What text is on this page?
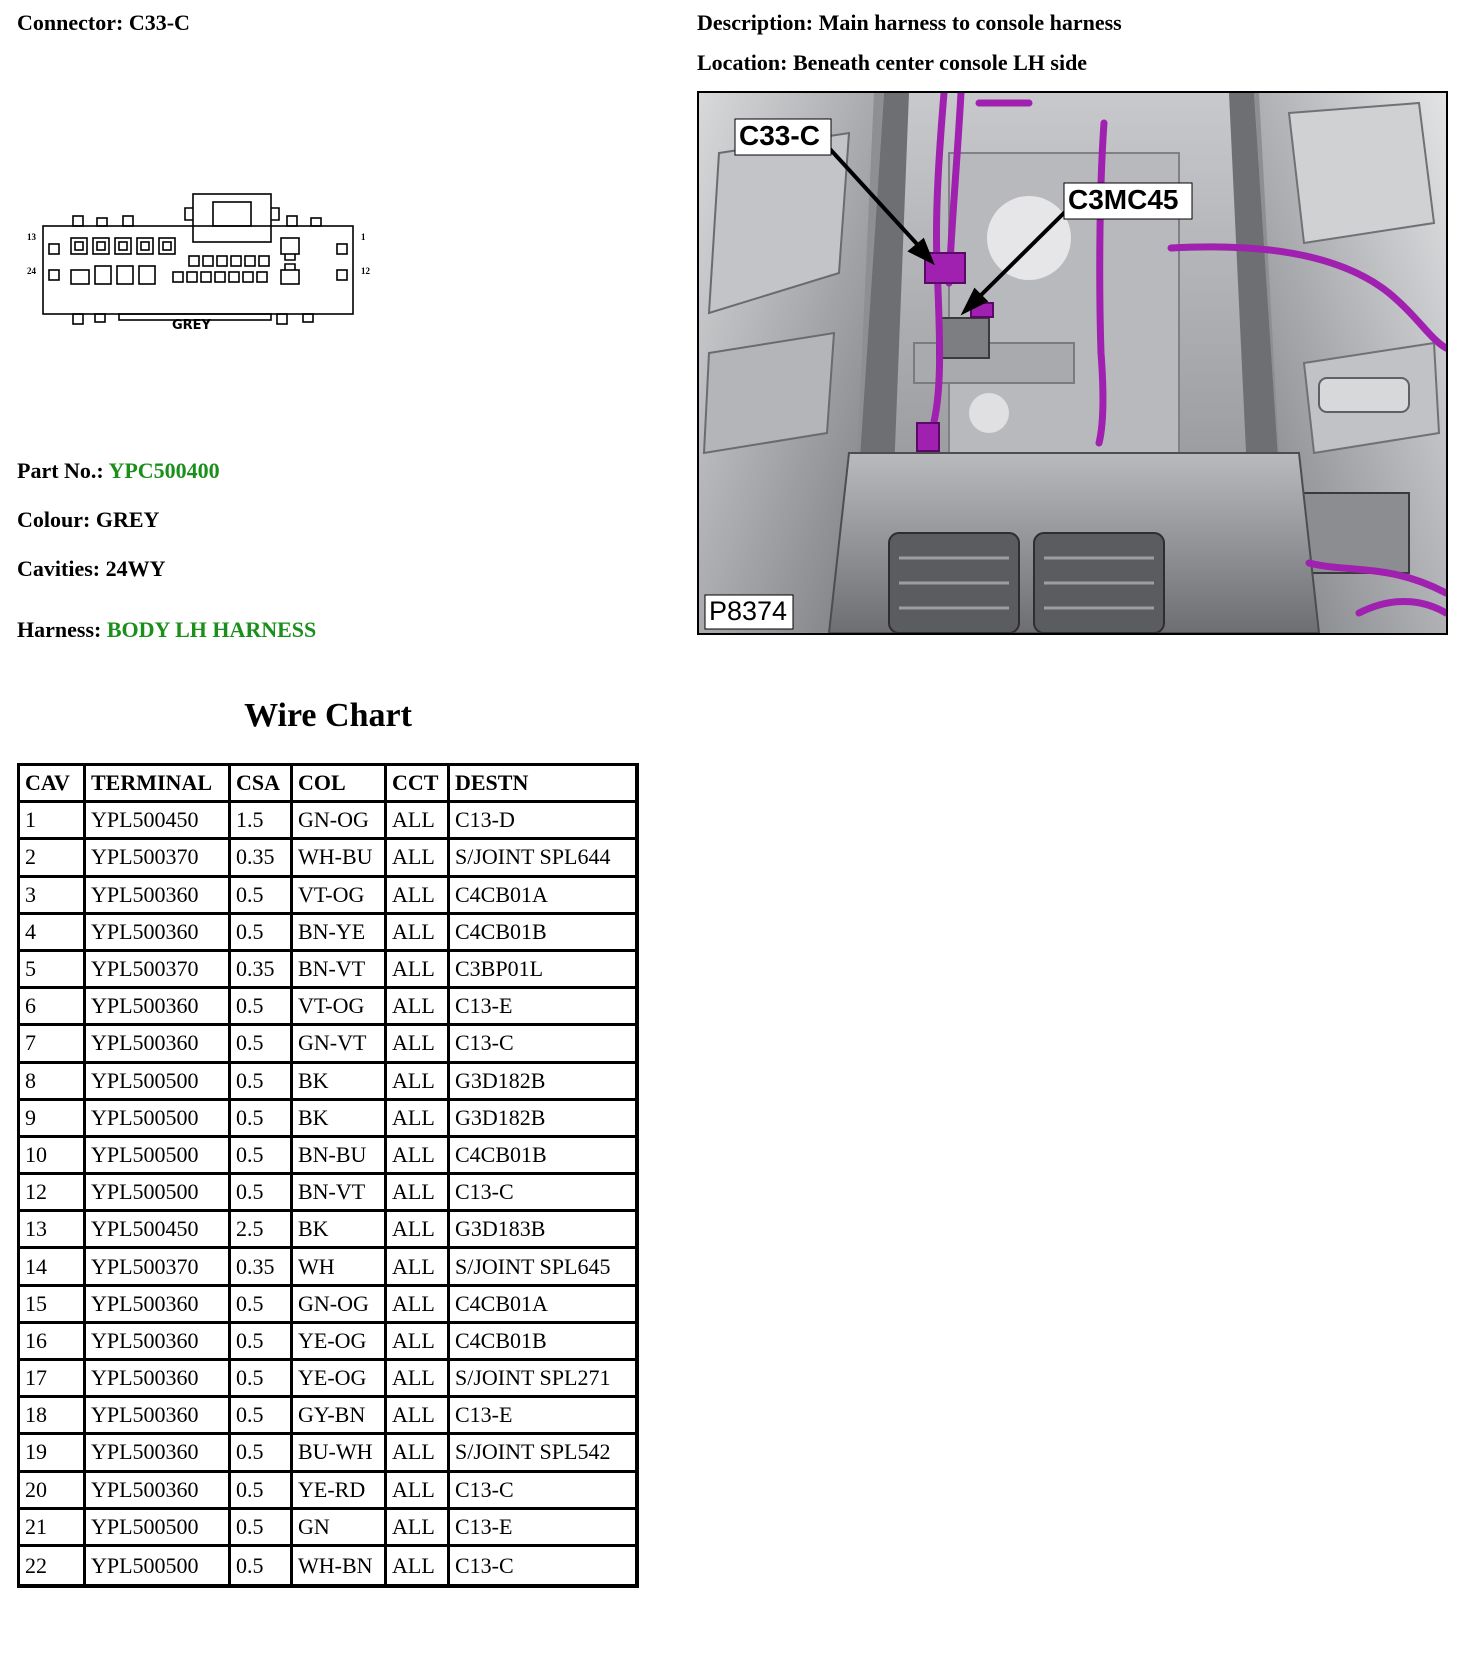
Connector: C33-C	Description: Main harness to console harness
Location: Beneath center console LH side
13
24
1
12
GREY
Part No.: YPC500400
Colour: GREY
Cavities: 24WY
Harness: BODY LH HARNESS
C33-C
C3MC45
P8374
Wire Chart
CAV	TERMINAL	CSA	COL	CCT	DESTN
1	YPL500450	1.5	GN-OG	ALL	C13-D
2	YPL500370	0.35	WH-BU	ALL	S/JOINT SPL644
3	YPL500360	0.5	VT-OG	ALL	C4CB01A
4	YPL500360	0.5	BN-YE	ALL	C4CB01B
5	YPL500370	0.35	BN-VT	ALL	C3BP01L
6	YPL500360	0.5	VT-OG	ALL	C13-E
7	YPL500360	0.5	GN-VT	ALL	C13-C
8	YPL500500	0.5	BK	ALL	G3D182B
9	YPL500500	0.5	BK	ALL	G3D182B
10	YPL500500	0.5	BN-BU	ALL	C4CB01B
12	YPL500500	0.5	BN-VT	ALL	C13-C
13	YPL500450	2.5	BK	ALL	G3D183B
14	YPL500370	0.35	WH	ALL	S/JOINT SPL645
15	YPL500360	0.5	GN-OG	ALL	C4CB01A
16	YPL500360	0.5	YE-OG	ALL	C4CB01B
17	YPL500360	0.5	YE-OG	ALL	S/JOINT SPL271
18	YPL500360	0.5	GY-BN	ALL	C13-E
19	YPL500360	0.5	BU-WH	ALL	S/JOINT SPL542
20	YPL500360	0.5	YE-RD	ALL	C13-C
21	YPL500500	0.5	GN	ALL	C13-E
22	YPL500500	0.5	WH-BN	ALL	C13-C
